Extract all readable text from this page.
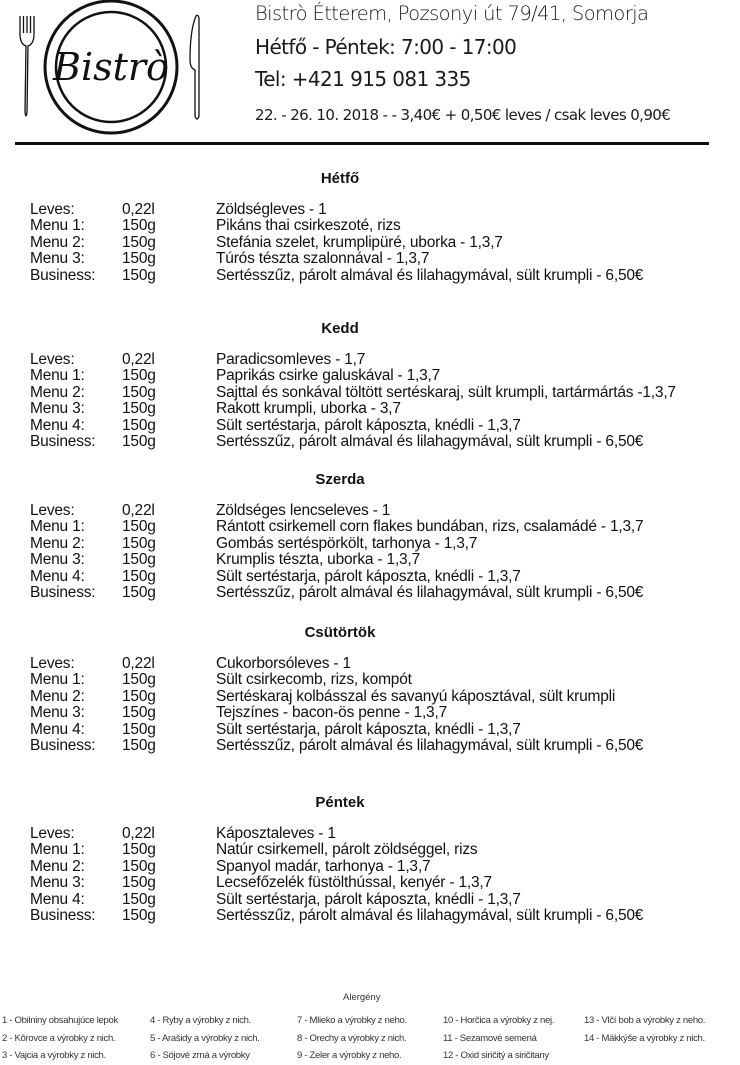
Bistrò
Bistrò Étterem, Pozsonyi út 79/41, Somorja
Hétfő - Péntek: 7:00 - 17:00
Tel: +421 915 081 335
22. - 26. 10. 2018 - - 3,40€ + 0,50€ leves / csak leves 0,90€
Hétfő
Leves:	0,22l	Zöldségleves - 1
Menu 1: 150g	Pikáns thai csirkeszoté, rizs
Menu 2: 150g	Stefánia szelet, krumplipüré, uborka - 1,3,7
Menu 3: 150g	Túrós tészta szalonnával - 1,3,7
Business: 150g	Sertésszűz, párolt almával és lilahagymával, sült krumpli - 6,50€
Kedd
Leves:	0,22l	Paradicsomleves - 1,7
Menu 1: 150g	Paprikás csirke galuskával - 1,3,7
Menu 2: 150g	Sajttal és sonkával töltött sertéskaraj, sült krumpli, tartármártás -1,3,7
Menu 3: 150g	Rakott krumpli, uborka - 3,7
Menu 4: 150g	Sült sertéstarja, párolt káposzta, knédli - 1,3,7
Business: 150g	Sertésszűz, párolt almával és lilahagymával, sült krumpli - 6,50€
Szerda
Leves:	0,22l	Zöldséges lencseleves - 1
Menu 1: 150g	Rántott csirkemell corn flakes bundában, rizs, csalamádé - 1,3,7
Menu 2: 150g	Gombás sertéspörkölt, tarhonya - 1,3,7
Menu 3: 150g	Krumplis tészta, uborka - 1,3,7
Menu 4: 150g	Sült sertéstarja, párolt káposzta, knédli - 1,3,7
Business: 150g	Sertésszűz, párolt almával és lilahagymával, sült krumpli - 6,50€
Csütörtök
Leves:	0,22l	Cukorborsóleves - 1
Menu 1: 150g	Sült csirkecomb, rizs, kompót
Menu 2: 150g	Sertéskaraj kolbásszal és savanyú káposztával, sült krumpli
Menu 3: 150g	Tejszínes - bacon-ös penne - 1,3,7
Menu 4: 150g	Sült sertéstarja, párolt káposzta, knédli - 1,3,7
Business: 150g	Sertésszűz, párolt almával és lilahagymával, sült krumpli - 6,50€
Péntek
Leves:	0,22l	Káposztaleves - 1
Menu 1: 150g	Natúr csirkemell, párolt zöldséggel, rizs
Menu 2: 150g	Spanyol madár, tarhonya - 1,3,7
Menu 3: 150g	Lecsefőzelék füstölthússal, kenyér - 1,3,7
Menu 4: 150g	Sült sertéstarja, párolt káposzta, knédli - 1,3,7
Business: 150g	Sertésszűz, párolt almával és lilahagymával, sült krumpli - 6,50€
Alergény
1 - Obilniny obsahujúce lepok
2 - Kôrovce a výrobky z nich.
3 - Vajcia a výrobky z nich.
4 - Ryby a výrobky z nich.
5 - Arašidy a výrobky z nich.
6 - Sójové zrná a výrobky
7 - Mlieko a výrobky z neho.
8 - Orechy a výrobky z nich.
9 - Zeler a výrobky z neho.
10 - Horčica a výrobky z nej.
11 - Sezamové semená
12 - Oxid siričitý a siričitany
13 - Vlčí bob a výrobky z neho.
14 - Mäkkýše a výrobky z nich.
